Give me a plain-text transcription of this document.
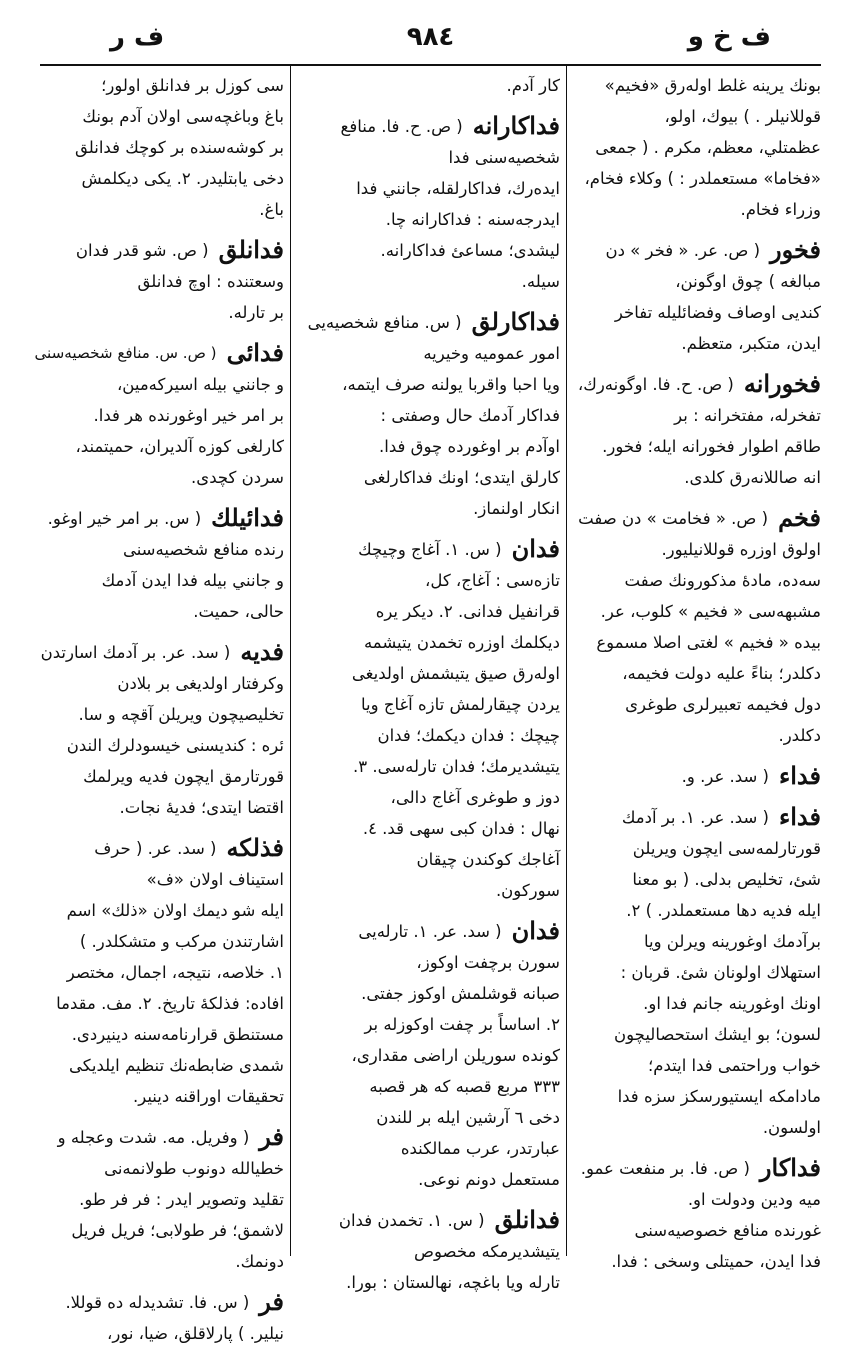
ف خ و
٩٨٤
ف ر
بونك يرينه غلط اولەرق «فخيم»
قوللانيلر . ) بيوك، اولو،
عظمتلي، معظم، مكرم . ( جمعى
«فخاما» مستعملدر : ) وكلاء فخام،
وزراء فخام.
فخور
( ص. عر. « فخر » دن
مبالغه ) چوق اوگونن،
كنديى اوصاف وفضائليله تفاخر
ايدن، متكبر، متعظم.
فخورانه
( ص. ح. فا. اوگونەرك،
تفخرله، مفتخرانه : بر
طاقم اطوار فخورانه ايله؛ فخور.
انه صاللانەرق كلدى.
فخم
( ص. « فخامت » دن صفت
اولوق اوزره قوللانيليور.
سەده، مادۀ مذكورونك صفت
مشبهەسى « فخيم » كلوب، عر.
بيده « فخيم » لغتى اصلا مسموع
دكلدر؛ بناءً عليه دولت فخيمه،
دول فخيمه تعبيرلرى طوغرى
دكلدر.
فداء
( سد. عر. و.
فداء
( سد. عر. ١. بر آدمك
قورتارلمەسى ايچون ويريلن
شئ، تخليص بدلى. ( بو معنا
ايله فديه دها مستعملدر. ) ٢.
برآدمك اوغورينه ويرلن ويا
استهلاك اولونان شئ. قربان :
اونك اوغورينه جانم فدا او.
لسون؛ بو ايشك استحصاليچون
خواب وراحتمى فدا ايتدم؛
مادامكه ايستيورسكز سزه فدا
اولسون.
فداكار
( ص. فا. بر منفعت عمو.
ميه ودين ودولت او.
غورنده منافع خصوصيەسنى
فدا ايدن، حميتلى وسخى : فدا.
كار آدم.
فداكارانه
( ص. ح. فا. منافع
شخصيەسنى فدا
ايدەرك، فداكارلقله، جانني فدا
ايدرجەسنه : فداكارانه چا.
ليشدى؛ مساعئ فداكارانه.
سيله.
فداكارلق
( س. منافع شخصيەيى
امور عموميه وخيريه
ويا احبا واقربا يولنه صرف ايتمه،
فداكار آدمك حال وصفتى :
اوآدم بر اوغورده چوق فدا.
كارلق ايتدى؛ اونك فداكارلغى
انكار اولنماز.
فدان
( س. ١. آغاج وچيچك
تازەسى : آغاج، كل،
قرانفيل فدانى. ٢. ديكر يره
ديكلمك اوزره تخمدن يتيشمه
اولەرق صيق يتيشمش اولديغى
يردن چيقارلمش تازه آغاج ويا
چيچك : فدان ديكمك؛ فدان
يتيشديرمك؛ فدان تارلەسى. ٣.
دوز و طوغرى آغاج دالى،
نهال : فدان كبى سهى قد. ٤.
آغاجك كوكندن چيقان
سوركون.
فدان
( سد. عر. ١. تارلەيى
سورن برچفت اوكوز،
صبانه قوشلمش اوكوز جفتى.
٢. اساساً بر چفت اوكوزله بر
كونده سوريلن اراضى مقدارى،
٣٣٣ مربع قصبه كه هر قصبه
دخى ٦ آرشين ايله بر للندن
عبارتدر، عرب ممالكنده
مستعمل دونم نوعى.
فدانلق
( س. ١. تخمدن فدان
يتيشديرمكه مخصوص
تارلە ويا باغچه، نهالستان : بورا.
سى كوزل بر فدانلق اولور؛
باغ وباغچەسى اولان آدم بونك
بر كوشەسنده بر كوچك فدانلق
دخى يابتليدر. ٢. يكى ديكلمش
باغ.
فدانلق
( ص. شو قدر فدان
وسعتنده : اوچ فدانلق
بر تارله.
فدائى
( ص. س. منافع شخصيەسنى
و جانني بيله اسيركەمين،
بر امر خير اوغورنده هر فدا.
كارلغى كوزه آلديران، حميتمند،
سردن كچدى.
فدائيلك
( س. بر امر خير اوغو.
رنده منافع شخصيەسنى
و جانني بيله فدا ايدن آدمك
حالى، حميت.
فديه
( سد. عر. بر آدمك اسارتدن
وكرفتار اولديغى بر بلادن
تخليصيچون ويريلن آقچه و سا.
ئره : كنديسنى خيسودلرك الندن
قورتارمق ايچون فديه ويرلمك
اقتضا ايتدى؛ فديۀ نجات.
فذلكه
( سد. عر. ( حرف
استيناف اولان «ف»
ايله شو ديمك اولان «ذلك» اسم
اشارتندن مركب و متشكلدر. )
١. خلاصه، نتيجه، اجمال، مختصر
افاده: فذلكۀ تاريخ. ٢. مف. مقدما
مستنطق قرارنامەسنه دينيردى.
شمدى ضابطەنك تنظيم ايلديكى
تحقيقات اوراقنه دينير.
فر
( وفريل. مه. شدت وعجله و
خطيالله دونوب طولانمەنى
تقليد وتصوير ايدر : فر فر طو.
لاشمق؛ فر طولابى؛ فريل فريل
دونمك.
فر
( س. فا. تشديدله ده قوللا.
نيلير. ) پارلاقلق، ضيا، نور،
